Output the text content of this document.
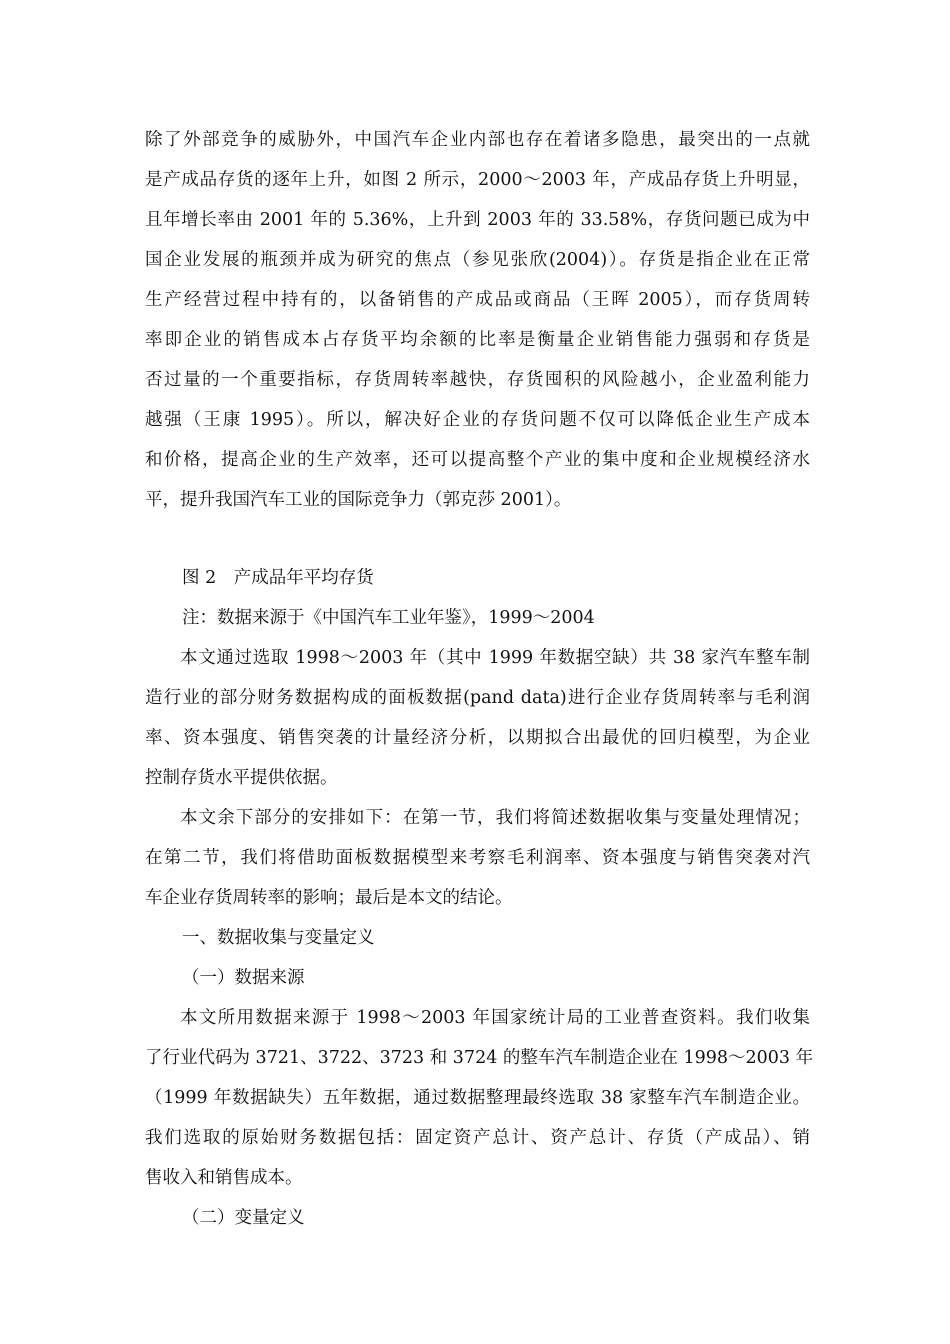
除了外部竞争的威胁外，中国汽车企业内部也存在着诸多隐患，最突出的一点就
是产成品存货的逐年上升，如图 2 所示，2000～2003 年，产成品存货上升明显，
且年增长率由 2001 年的 5.36%，上升到 2003 年的 33.58%，存货问题已成为中
国企业发展的瓶颈并成为研究的焦点（参见张欣(2004)）。存货是指企业在正常
生产经营过程中持有的，以备销售的产成品或商品（王晖 2005），而存货周转
率即企业的销售成本占存货平均余额的比率是衡量企业销售能力强弱和存货是
否过量的一个重要指标，存货周转率越快，存货囤积的风险越小，企业盈利能力
越强（王康 1995）。所以，解决好企业的存货问题不仅可以降低企业生产成本
和价格，提高企业的生产效率，还可以提高整个产业的集中度和企业规模经济水
平，提升我国汽车工业的国际竞争力（郭克莎 2001）。
图 2　产成品年平均存货
注：数据来源于《中国汽车工业年鉴》，1999～2004
本文通过选取 1998～2003 年（其中 1999 年数据空缺）共 38 家汽车整车制
造行业的部分财务数据构成的面板数据(pand data)进行企业存货周转率与毛利润
率、资本强度、销售突袭的计量经济分析，以期拟合出最优的回归模型，为企业
控制存货水平提供依据。
本文余下部分的安排如下：在第一节，我们将简述数据收集与变量处理情况；
在第二节，我们将借助面板数据模型来考察毛利润率、资本强度与销售突袭对汽
车企业存货周转率的影响；最后是本文的结论。
一、数据收集与变量定义
（一）数据来源
本文所用数据来源于 1998～2003 年国家统计局的工业普查资料。我们收集
了行业代码为 3721、3722、3723 和 3724 的整车汽车制造企业在 1998～2003 年
（1999 年数据缺失）五年数据，通过数据整理最终选取 38 家整车汽车制造企业。
我们选取的原始财务数据包括：固定资产总计、资产总计、存货（产成品）、销
售收入和销售成本。
（二）变量定义
